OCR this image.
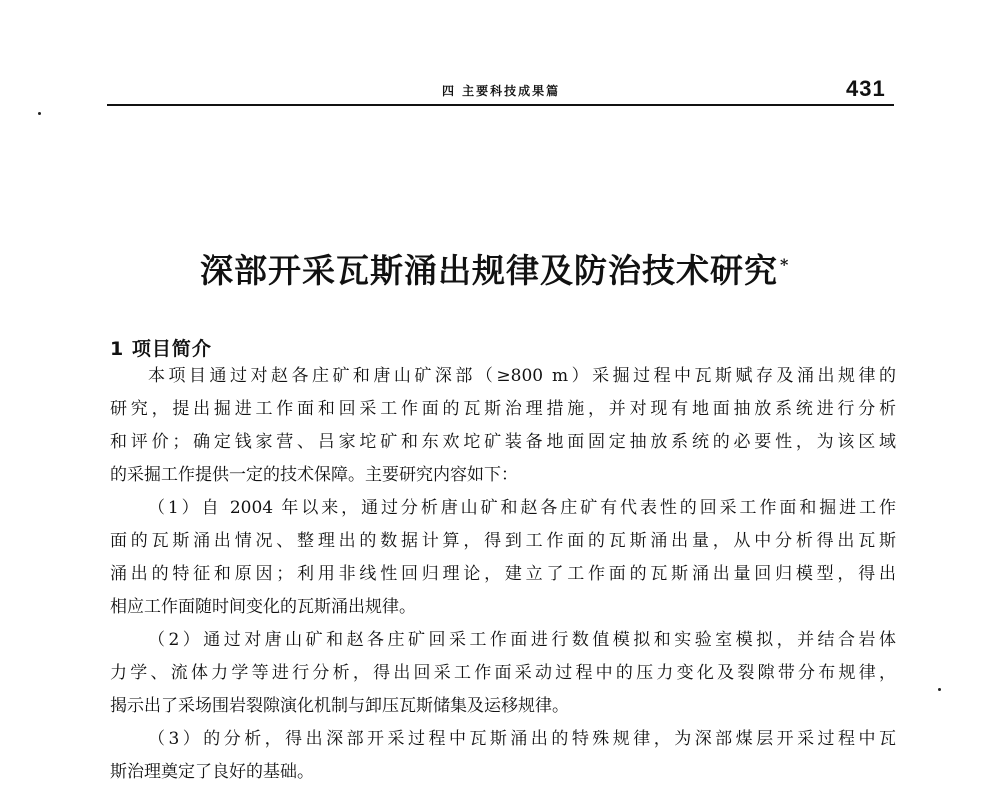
四 主要科技成果篇	431
深部开采瓦斯涌出规律及防治技术研究 *
1 项目简介

本项目通过对赵各庄矿和唐山矿深部（≥800 m）采掘过程中瓦斯赋存及涌出规律的

研究，提出掘进工作面和回采工作面的瓦斯治理措施，并对现有地面抽放系统进行分析

和评价；确定钱家营、吕家坨矿和东欢坨矿装备地面固定抽放系统的必要性，为该区域

的采掘工作提供一定的技术保障。主要研究内容如下：

（1）自 2004 年以来，通过分析唐山矿和赵各庄矿有代表性的回采工作面和掘进工作

面的瓦斯涌出情况、整理出的数据计算，得到工作面的瓦斯涌出量，从中分析得出瓦斯

涌出的特征和原因；利用非线性回归理论，建立了工作面的瓦斯涌出量回归模型，得出

相应工作面随时间变化的瓦斯涌出规律。

（2）通过对唐山矿和赵各庄矿回采工作面进行数值模拟和实验室模拟，并结合岩体

力学、流体力学等进行分析，得出回采工作面采动过程中的压力变化及裂隙带分布规律，

揭示出了采场围岩裂隙演化机制与卸压瓦斯储集及运移规律。

（3）的分析，得出深部开采过程中瓦斯涌出的特殊规律，为深部煤层开采过程中瓦

斯治理奠定了良好的基础。
